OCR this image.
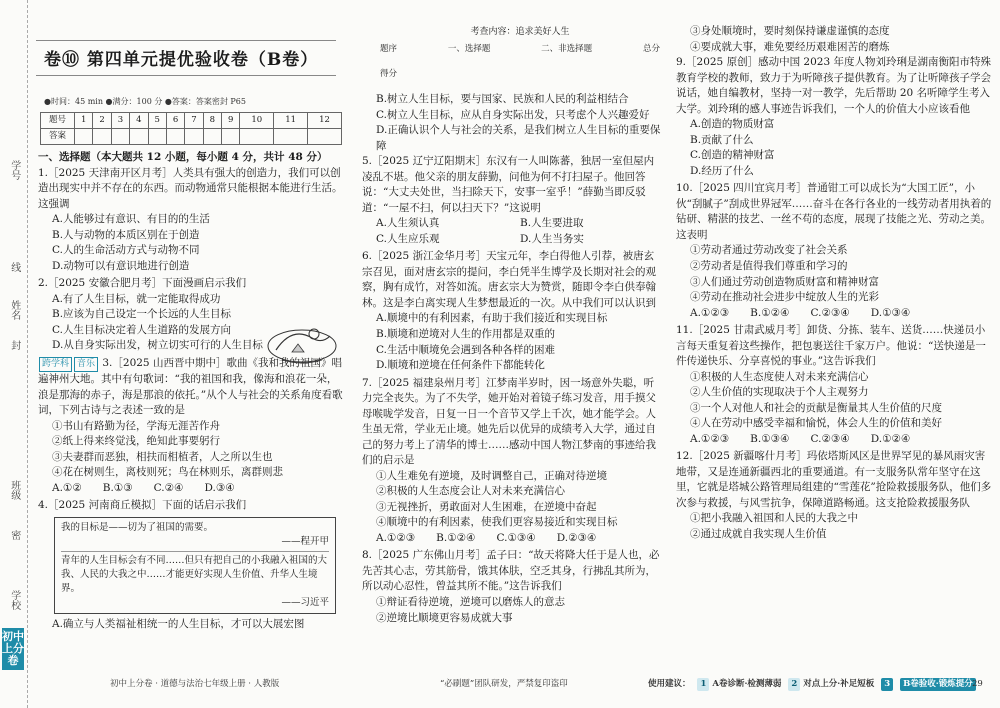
学号
线
姓名
封
班级
密
学校
初中上分卷
卷⑩ 第四单元提优验收卷（B卷）
●时间：45 min ●满分：100 分 ●答案：答案密封 P65
题号	1	2	3	4	5	6	7	8	9	10	11	12
答案												
一、选择题（本大题共 12 小题，每小题 4 分，共计 48 分）
1.［2025 天津南开区月考］人类具有强大的创造力，我们可以创造出现实中并不存在的东西。而动物通常只能根据本能进行生活。这强调
A.人能够过有意识、有目的的生活
B.人与动物的本质区别在于创造
C.人的生命活动方式与动物不同
D.动物可以有意识地进行创造
2.［2025 安徽合肥月考］下面漫画启示我们
A.有了人生目标，就一定能取得成功
B.应该为自己设定一个长远的人生目标
C.人生目标决定着人生道路的发展方向
D.从自身实际出发，树立切实可行的人生目标
跨学科 音乐 3.［2025 山西晋中期中］歌曲《我和我的祖国》唱遍神州大地。其中有句歌词：“我的祖国和我，像海和浪花一朵，浪是那海的赤子，海是那浪的依托。”从个人与社会的关系角度看歌词，下列古诗与之表述一致的是
①书山有路勤为径，学海无涯苦作舟
②纸上得来终觉浅，绝知此事要躬行
③夫妻群而恶独，相扶而相植者，人之所以生也
④花在树则生，离枝则死；鸟在林则乐，离群则悲
A.①②　　B.①③　　C.②④　　D.③④
4.［2025 河南商丘模拟］下面的话启示我们
我的目标是——切为了祖国的需要。
——程开甲
青年的人生目标会有不同……但只有把自己的小我融入祖国的大我、人民的大我之中……才能更好实现人生价值、升华人生境界。
——习近平
A.确立与人类福祉相统一的人生目标，才可以大展宏图
初中上分卷 · 道德与法治七年级上册 · 人教版
考查内容：追求美好人生
题序	一、选择题	二、非选择题	总分
得分
B.树立人生目标，要与国家、民族和人民的利益相结合
C.树立人生目标，应从自身实际出发，只考虑个人兴趣爱好
D.正确认识个人与社会的关系，是我们树立人生目标的重要保障
5.［2025 辽宁辽阳期末］东汉有一人叫陈蕃，独居一室但屋内凌乱不堪。他父亲的朋友薛勤，问他为何不打扫屋子。他回答说：“大丈夫处世，当扫除天下，安事一室乎！”薛勤当即反驳道：“一屋不扫，何以扫天下？”这说明
A.人生须认真	B.人生要进取
C.人生应乐观	D.人生当务实
6.［2025 浙江金华月考］天宝元年，李白得他人引荐，被唐玄宗召见，面对唐玄宗的提问，李白凭半生博学及长期对社会的观察，胸有成竹，对答如流。唐玄宗大为赞赏，随即令李白供奉翰林。这是李白离实现人生梦想最近的一次。从中我们可以认识到
A.顺境中的有利因素，有助于我们接近和实现目标
B.顺境和逆境对人生的作用都是双重的
C.生活中顺境免会遇到各种各样的困难
D.顺境和逆境在任何条件下都能转化
7.［2025 福建泉州月考］江梦南半岁时，因一场意外失聪，听力完全丧失。为了不失学，她开始对着镜子练习发音，用手摸父母喉咙学发音，日复一日一个音节又学上千次，她才能学会。人生虽无常，学业无止境。她先后以优异的成绩考入大学，通过自己的努力考上了清华的博士……感动中国人物江梦南的事迹给我们的启示是
①人生难免有逆境，及时调整自己，正确对待逆境
②积极的人生态度会让人对未来充满信心
③无视挫折，勇敢面对人生困难，在逆境中奋起
④顺境中的有利因素，使我们更容易接近和实现目标
A.①②③　　B.①②④　　C.①③④　　D.②③④
8.［2025 广东佛山月考］孟子曰：“故天将降大任于是人也，必先苦其心志，劳其筋骨，饿其体肤，空乏其身，行拂乱其所为，所以动心忍性，曾益其所不能。”这告诉我们
①辩证看待逆境，逆境可以磨炼人的意志
②逆境比顺境更容易成就大事
“必刷题”团队研发，严禁复印盗印
③身处顺境时，要时刻保持谦虚谨慎的态度
④要成就大事，难免要经历艰难困苦的磨炼
9.［2025 原创］感动中国 2023 年度人物刘玲琍是湖南衡阳市特殊教育学校的教师，致力于为听障孩子提供教育。为了让听障孩子学会说话，她自编教材，坚持一对一教学，先后帮助 20 名听障学生考入大学。刘玲琍的感人事迹告诉我们，一个人的价值大小应该看他
A.创造的物质财富
B.贡献了什么
C.创造的精神财富
D.经历了什么
10.［2025 四川宜宾月考］普通钳工可以成长为“大国工匠”，小伙“刮腻子”刮成世界冠军……奋斗在各行各业的一线劳动者用执着的钻研、精湛的技艺、一丝不苟的态度，展现了技能之光、劳动之美。这表明
①劳动者通过劳动改变了社会关系
②劳动者是值得我们尊重和学习的
③人们通过劳动创造物质财富和精神财富
④劳动在推动社会进步中绽放人生的光彩
A.①②③　　B.①②④　　C.②③④　　D.①③④
11.［2025 甘肃武威月考］卸货、分拣、装车、送货……快递员小言每天重复着这些操作，把包裹送往千家万户。他说：“送快递是一件传递快乐、分享喜悦的事业。”这告诉我们
①积极的人生态度使人对未来充满信心
②人生价值的实现取决于个人主观努力
③一个人对他人和社会的贡献是衡量其人生价值的尺度
④人在劳动中感受幸福和愉悦，体会人生的价值和美好
A.①②③　　B.①③④　　C.②③④　　D.①②④
12.［2025 新疆喀什月考］玛依塔斯风区是世界罕见的暴风雨灾害地带，又是连通新疆西北的重要通道。有一支服务队常年坚守在这里，它就是塔城公路管理局组建的“雪莲花”抢险救援服务队，他们多次参与救援，与风雪抗争，保障道路畅通。这支抢险救援服务队
①把小我融入祖国和人民的大我之中
②通过成就自我实现人生价值
使用建议： 1 A卷诊断·检测薄弱 2 对点上分·补足短板 3 B卷验收·锻炼提分 29
